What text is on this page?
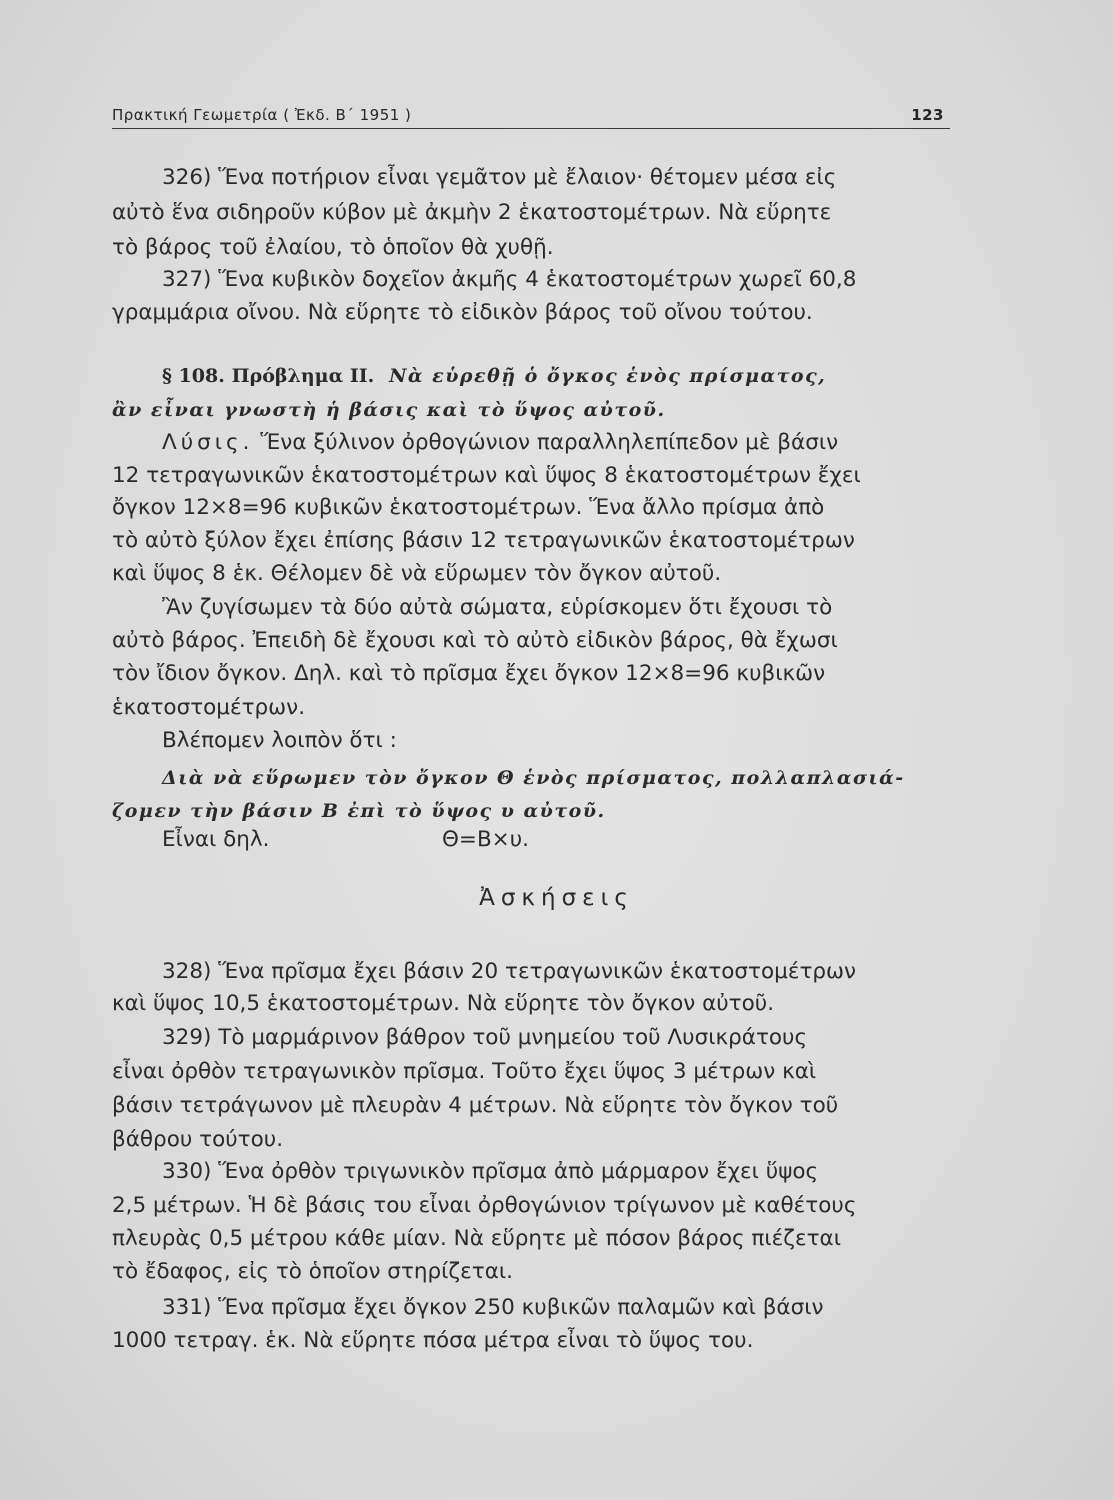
Πρακτική Γεωμετρία ( Ἐκδ. Β΄ 1951 )	123
326) Ἕνα ποτήριον εἶναι γεμᾶτον μὲ ἔλαιον· θέτομεν μέσα εἰς
αὐτὸ ἕνα σιδηροῦν κύβον μὲ ἀκμὴν 2 ἑκατοστομέτρων. Νὰ εὕρητε
τὸ βάρος τοῦ ἐλαίου, τὸ ὁποῖον θὰ χυθῇ.
327) Ἕνα κυβικὸν δοχεῖον ἀκμῆς 4 ἑκατοστομέτρων χωρεῖ 60,8
γραμμάρια οἴνου. Νὰ εὕρητε τὸ εἰδικὸν βάρος τοῦ οἴνου τούτου.
§ 108. Πρόβλημα ΙΙ. Νὰ εὑρεθῇ ὁ ὄγκος ἑνὸς πρίσματος,
ἂν εἶναι γνωστὴ ἡ βάσις καὶ τὸ ὕψος αὐτοῦ.
Λύσις. Ἕνα ξύλινον ὀρθογώνιον παραλληλεπίπεδον μὲ βάσιν
12 τετραγωνικῶν ἑκατοστομέτρων καὶ ὕψος 8 ἑκατοστομέτρων ἔχει
ὄγκον 12×8=96 κυβικῶν ἑκατοστομέτρων. Ἕνα ἄλλο πρίσμα ἀπὸ
τὸ αὐτὸ ξύλον ἔχει ἐπίσης βάσιν 12 τετραγωνικῶν ἑκατοστομέτρων
καὶ ὕψος 8 ἑκ. Θέλομεν δὲ νὰ εὕρωμεν τὸν ὄγκον αὐτοῦ.
Ἂν ζυγίσωμεν τὰ δύο αὐτὰ σώματα, εὑρίσκομεν ὅτι ἔχουσι τὸ
αὐτὸ βάρος. Ἐπειδὴ δὲ ἔχουσι καὶ τὸ αὐτὸ εἰδικὸν βάρος, θὰ ἔχωσι
τὸν ἴδιον ὄγκον. Δηλ. καὶ τὸ πρῖσμα ἔχει ὄγκον 12×8=96 κυβικῶν
ἑκατοστομέτρων.
Βλέπομεν λοιπὸν ὅτι :
Διὰ νὰ εὕρωμεν τὸν ὄγκον Θ ἑνὸς πρίσματος, πολλαπλασιά-
ζομεν τὴν βάσιν Β ἐπὶ τὸ ὕψος υ αὐτοῦ.
Εἶναι δηλ.	Θ=Β×υ.
Ἀσκήσεις
328) Ἕνα πρῖσμα ἔχει βάσιν 20 τετραγωνικῶν ἑκατοστομέτρων
καὶ ὕψος 10,5 ἑκατοστομέτρων. Νὰ εὕρητε τὸν ὄγκον αὐτοῦ.
329) Τὸ μαρμάρινον βάθρον τοῦ μνημείου τοῦ Λυσικράτους
εἶναι ὀρθὸν τετραγωνικὸν πρῖσμα. Τοῦτο ἔχει ὕψος 3 μέτρων καὶ
βάσιν τετράγωνον μὲ πλευρὰν 4 μέτρων. Νὰ εὕρητε τὸν ὄγκον τοῦ
βάθρου τούτου.
330) Ἕνα ὀρθὸν τριγωνικὸν πρῖσμα ἀπὸ μάρμαρον ἔχει ὕψος
2,5 μέτρων. Ἡ δὲ βάσις του εἶναι ὀρθογώνιον τρίγωνον μὲ καθέτους
πλευρὰς 0,5 μέτρου κάθε μίαν. Νὰ εὕρητε μὲ πόσον βάρος πιέζεται
τὸ ἔδαφος, εἰς τὸ ὁποῖον στηρίζεται.
331) Ἕνα πρῖσμα ἔχει ὄγκον 250 κυβικῶν παλαμῶν καὶ βάσιν
1000 τετραγ. ἑκ. Νὰ εὕρητε πόσα μέτρα εἶναι τὸ ὕψος του.
